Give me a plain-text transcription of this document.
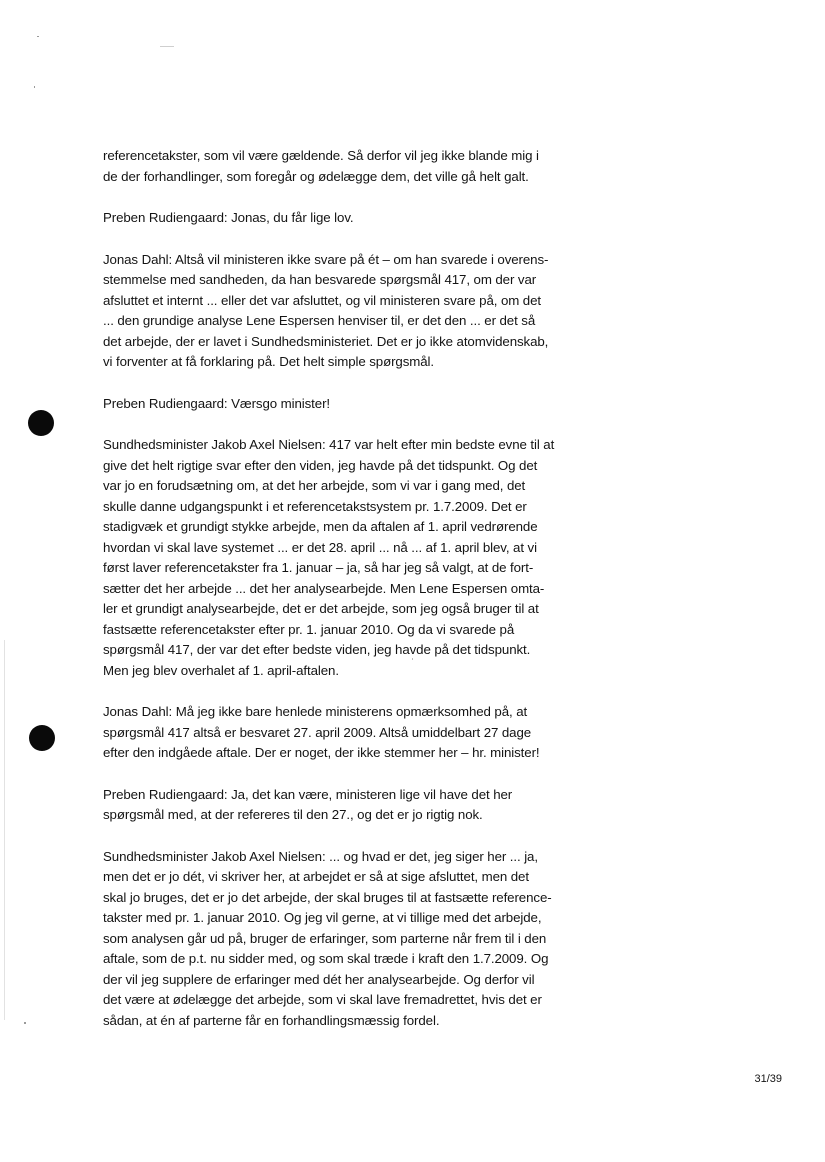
referencetakster, som vil være gældende. Så derfor vil jeg ikke blande mig i
de der forhandlinger, som foregår og ødelægge dem, det ville gå helt galt.
Preben Rudiengaard: Jonas, du får lige lov.
Jonas Dahl: Altså vil ministeren ikke svare på ét – om han svarede i overens-
stemmelse med sandheden, da han besvarede spørgsmål 417, om der var
afsluttet et internt ... eller det var afsluttet, og vil ministeren svare på, om det
... den grundige analyse Lene Espersen henviser til, er det den ... er det så
det arbejde, der er lavet i Sundhedsministeriet. Det er jo ikke atomvidenskab,
vi forventer at få forklaring på. Det helt simple spørgsmål.
Preben Rudiengaard: Værsgo minister!
Sundhedsminister Jakob Axel Nielsen: 417 var helt efter min bedste evne til at
give det helt rigtige svar efter den viden, jeg havde på det tidspunkt. Og det
var jo en forudsætning om, at det her arbejde, som vi var i gang med, det
skulle danne udgangspunkt i et referencetakstsystem pr. 1.7.2009. Det er
stadigvæk et grundigt stykke arbejde, men da aftalen af 1. april vedrørende
hvordan vi skal lave systemet ... er det 28. april ... nå ... af 1. april blev, at vi
først laver referencetakster fra 1. januar – ja, så har jeg så valgt, at de fort-
sætter det her arbejde ... det her analysearbejde. Men Lene Espersen omta-
ler et grundigt analysearbejde, det er det arbejde, som jeg også bruger til at
fastsætte referencetakster efter pr. 1. januar 2010. Og da vi svarede på
spørgsmål 417, der var det efter bedste viden, jeg havde på det tidspunkt.
Men jeg blev overhalet af 1. april-aftalen.
Jonas Dahl: Må jeg ikke bare henlede ministerens opmærksomhed på, at
spørgsmål 417 altså er besvaret 27. april 2009. Altså umiddelbart 27 dage
efter den indgåede aftale. Der er noget, der ikke stemmer her – hr. minister!
Preben Rudiengaard: Ja, det kan være, ministeren lige vil have det her
spørgsmål med, at der refereres til den 27., og det er jo rigtig nok.
Sundhedsminister Jakob Axel Nielsen: ... og hvad er det, jeg siger her ... ja,
men det er jo dét, vi skriver her, at arbejdet er så at sige afsluttet, men det
skal jo bruges, det er jo det arbejde, der skal bruges til at fastsætte reference-
takster med pr. 1. januar 2010. Og jeg vil gerne, at vi tillige med det arbejde,
som analysen går ud på, bruger de erfaringer, som parterne når frem til i den
aftale, som de p.t. nu sidder med, og som skal træde i kraft den 1.7.2009. Og
der vil jeg supplere de erfaringer med dét her analysearbejde. Og derfor vil
det være at ødelægge det arbejde, som vi skal lave fremadrettet, hvis det er
sådan, at én af parterne får en forhandlingsmæssig fordel.
31/39
